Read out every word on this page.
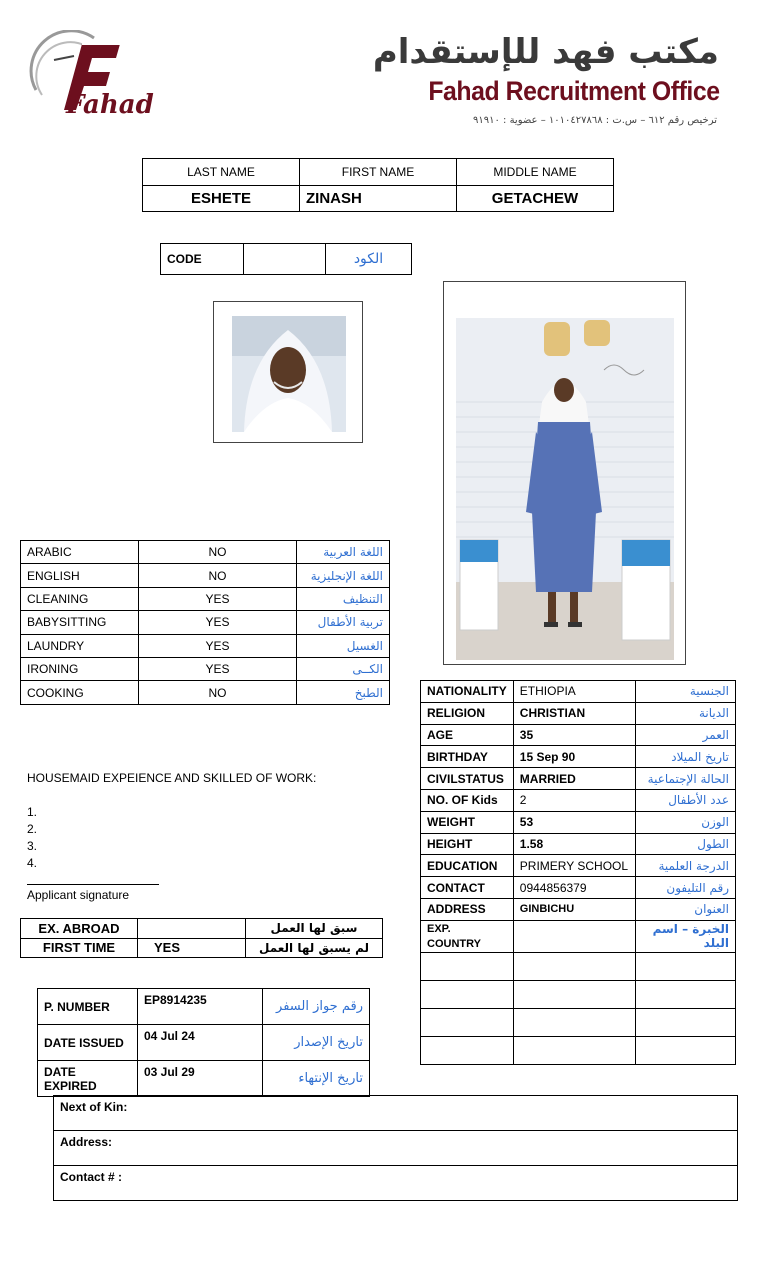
Fahad
مكتب فهد للإستقدام
Fahad Recruitment Office
ترخيص رقم ٦١٢ – س.ت : ١٠١٠٤٢٧٨٦٨ – عضوية : ٩١٩١٠
LAST NAME	FIRST NAME	MIDDLE NAME
ESHETE	ZINASH	GETACHEW
CODE		الكود
ARABIC	NO	اللغة العربية
ENGLISH	NO	اللغة الإنجليزية
CLEANING	YES	التنظيف
BABYSITTING	YES	تربية الأطفال
LAUNDRY	YES	الغسيل
IRONING	YES	الكــى
COOKING	NO	الطبخ
HOUSEMAID EXPEIENCE AND SKILLED OF WORK:
1.
2.
3.
4.
Applicant signature
EX. ABROAD		سبق لها العمل
FIRST TIME	YES	لم يسبق لها العمل
P. NUMBER	EP8914235	رقم جواز السفر
DATE ISSUED	04 Jul 24	تاريخ الإصدار
DATE EXPIRED	03 Jul 29	تاريخ الإنتهاء
NATIONALITY	ETHIOPIA	الجنسية
RELIGION	CHRISTIAN	الديانة
AGE	35	العمر
BIRTHDAY	15 Sep 90	تاريخ الميلاد
CIVILSTATUS	MARRIED	الحالة الإجتماعية
NO. OF Kids	2	عدد الأطفال
WEIGHT	53	الوزن
HEIGHT	1.58	الطول
EDUCATION	PRIMERY SCHOOL	الدرجة العلمية
CONTACT	0944856379	رقم التليفون
ADDRESS	GINBICHU	العنوان

EXP.
COUNTRY		الخبرة – اسم البلد

Next of Kin:
Address:
Contact # :
